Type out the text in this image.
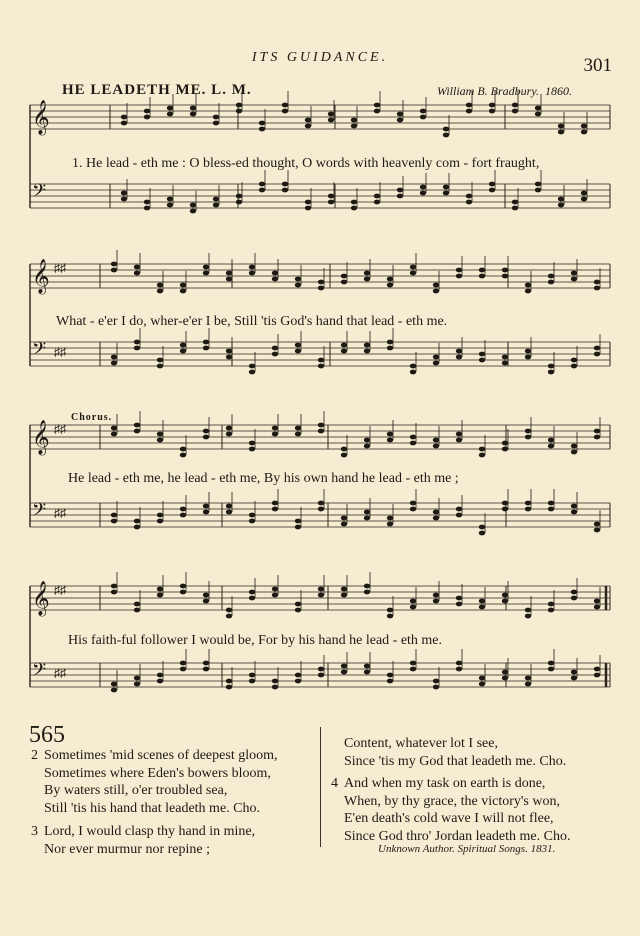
ITS GUIDANCE.	301
HE LEADETH ME. L. M.	William B. Bradbury. 1860.
𝄞
𝄢
𝄞 ♯♯
𝄢 ♯♯
𝄞 ♯♯
𝄢 ♯♯
𝄞 ♯♯
𝄢 ♯♯
Chorus.
1. He lead - eth me : O bless-ed thought, O words with heavenly com - fort fraught,
What - e'er I do, wher-e'er I be, Still 'tis God's hand that lead - eth me.
He lead - eth me, he lead - eth me, By his own hand he lead - eth me ;
His faith-ful follower I would be, For by his hand he lead - eth me.
565
2 Sometimes 'mid scenes of deepest gloom,
Sometimes where Eden's bowers bloom,
By waters still, o'er troubled sea,
Still 'tis his hand that leadeth me. Cho.
3 Lord, I would clasp thy hand in mine,
Nor ever murmur nor repine ;
Content, whatever lot I see,
Since 'tis my God that leadeth me. Cho.
4 And when my task on earth is done,
When, by thy grace, the victory's won,
E'en death's cold wave I will not flee,
Since God thro' Jordan leadeth me. Cho.
Unknown Author. Spiritual Songs. 1831.
